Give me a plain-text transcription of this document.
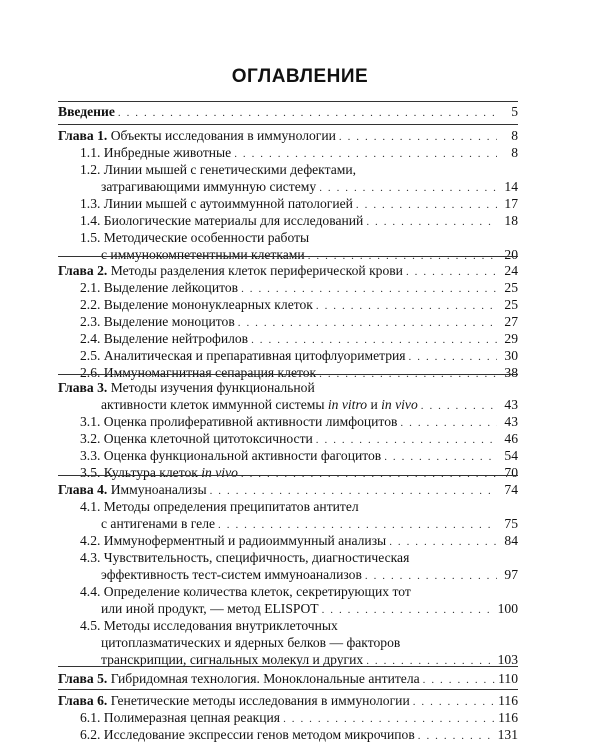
ОГЛАВЛЕНИЕ
Введение . . .	5
Глава 1. Объекты исследования в иммунологии . . .	8
1.1. Инбредные животные . . .	8
1.2. Линии мышей с генетическими дефектами,
затрагивающими иммунную систему . . .	14
1.3. Линии мышей с аутоиммунной патологией . . .	17
1.4. Биологические материалы для исследований . . .	18
1.5. Методические особенности работы
с иммунокомпетентными клетками . . .	20
Глава 2. Методы разделения клеток периферической крови . . .	24
2.1. Выделение лейкоцитов . . .	25
2.2. Выделение мононуклеарных клеток . . .	25
2.3. Выделение моноцитов . . .	27
2.4. Выделение нейтрофилов . . .	29
2.5. Аналитическая и препаративная цитофлуориметрия . . .	30
2.6. Иммуномагнитная сепарация клеток . . .	38
Глава 3. Методы изучения функциональной
активности клеток иммунной системы in vitro и in vivo . . .	43
3.1. Оценка пролиферативной активности лимфоцитов . . .	43
3.2. Оценка клеточной цитотоксичности . . .	46
3.3. Оценка функциональной активности фагоцитов . . .	54
3.5. Культура клеток in vivo . . .	70
Глава 4. Иммуноанализы . . .	74
4.1. Методы определения преципитатов антител
с антигенами в геле . . .	75
4.2. Иммуноферментный и радиоиммунный анализы . . .	84
4.3. Чувствительность, специфичность, диагностическая
эффективность тест-систем иммуноанализов . . .	97
4.4. Определение количества клеток, секретирующих тот
или иной продукт, — метод ELISPOT . . .	100
4.5. Методы исследования внутриклеточных
цитоплазматических и ядерных белков — факторов
транскрипции, сигнальных молекул и других . . .	103
Глава 5. Гибридомная технология. Моноклональные антитела . . .	110
Глава 6. Генетические методы исследования в иммунологии . . .	116
6.1. Полимеразная цепная реакция . . .	116
6.2. Исследование экспрессии генов методом микрочипов . . .	131
